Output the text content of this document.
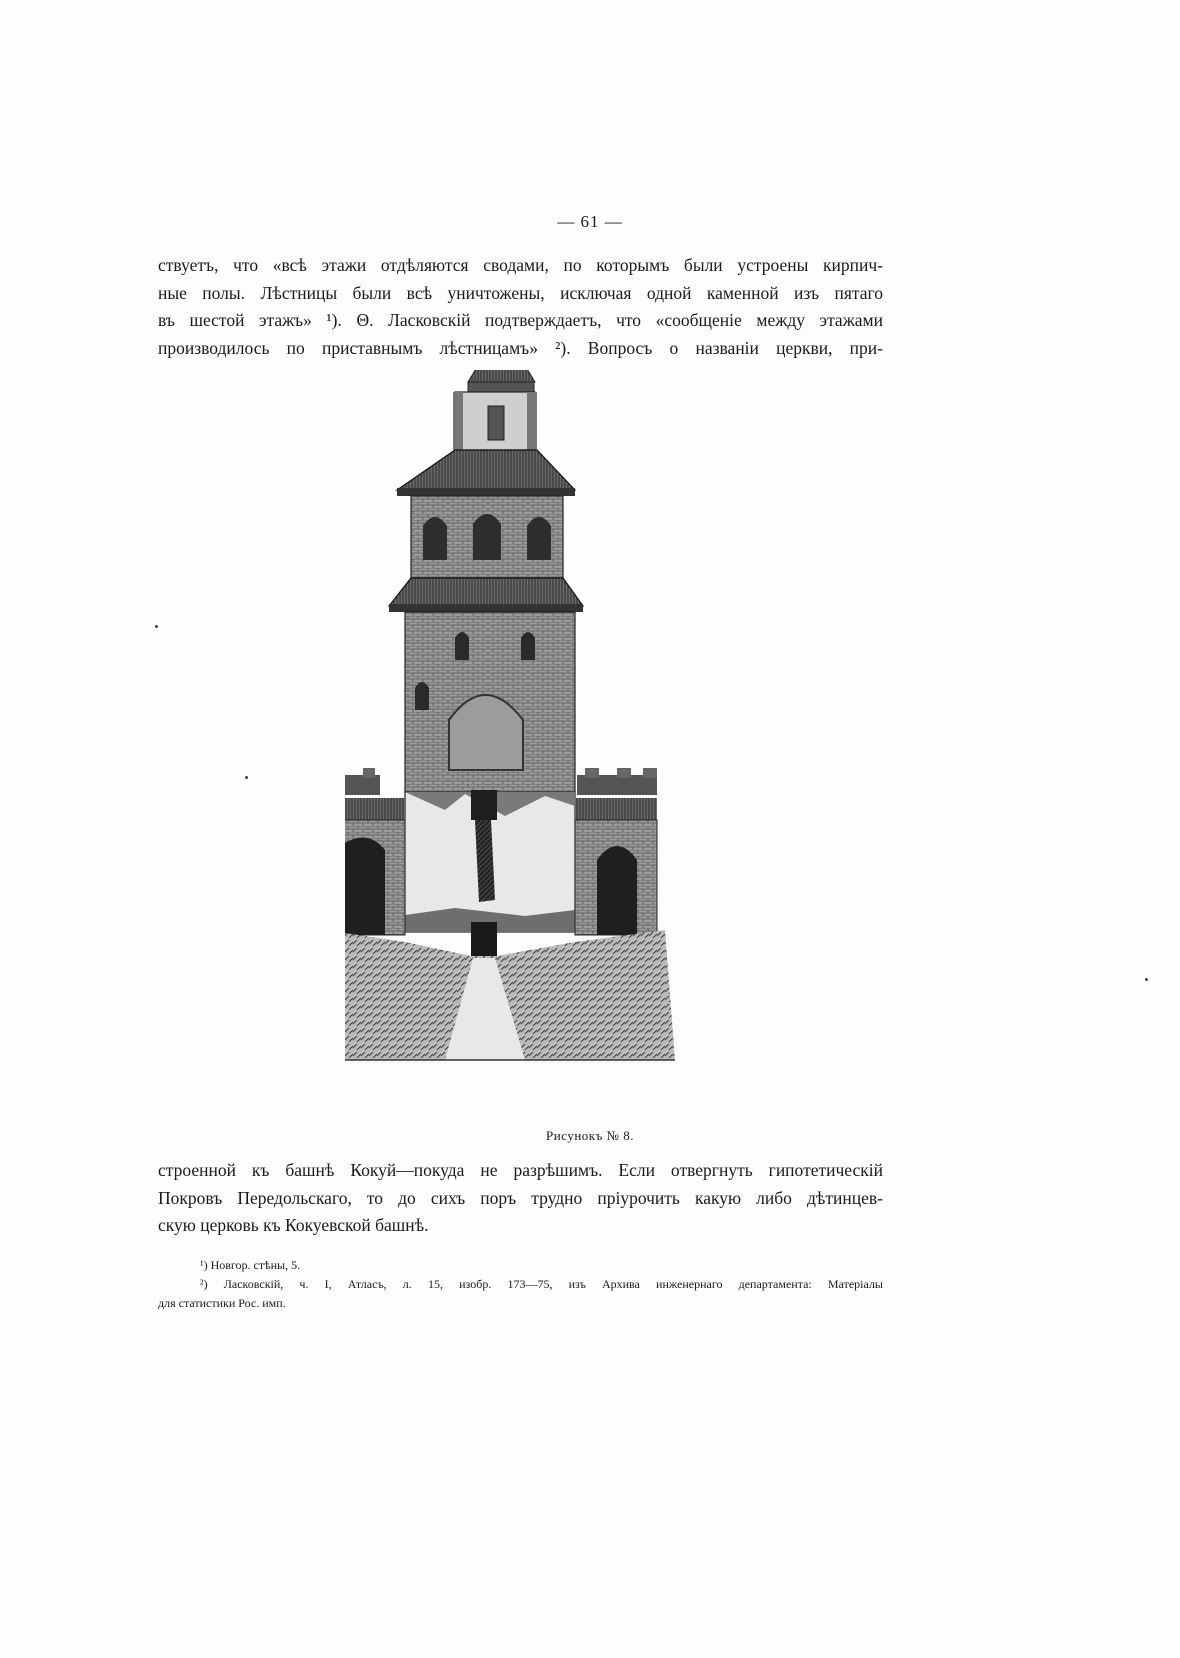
— 61 —
ствуетъ, что «всѣ этажи отдѣляются сводами, по которымъ были устроены кирпич-
ные полы. Лѣстницы были всѣ уничтожены, исключая одной каменной изъ пятаго
въ шестой этажъ» ¹). Θ. Ласковскій подтверждаетъ, что «сообщеніе между этажами
производилось по приставнымъ лѣстницамъ» ²). Вопросъ о названіи церкви, при-
Рисунокъ № 8.
строенной къ башнѣ Кокуй—покуда не разрѣшимъ. Если отвергнуть гипотетическій
Покровъ Передольскаго, то до сихъ поръ трудно пріурочить какую либо дѣтинцев-
скую церковь къ Кокуевской башнѣ.
¹) Новгор. стѣны, 5.
²) Ласковскій, ч. I, Атласъ, л. 15, изобр. 173—75, изъ Архива инженернаго департамента: Матеріалы
для статистики Рос. имп.
